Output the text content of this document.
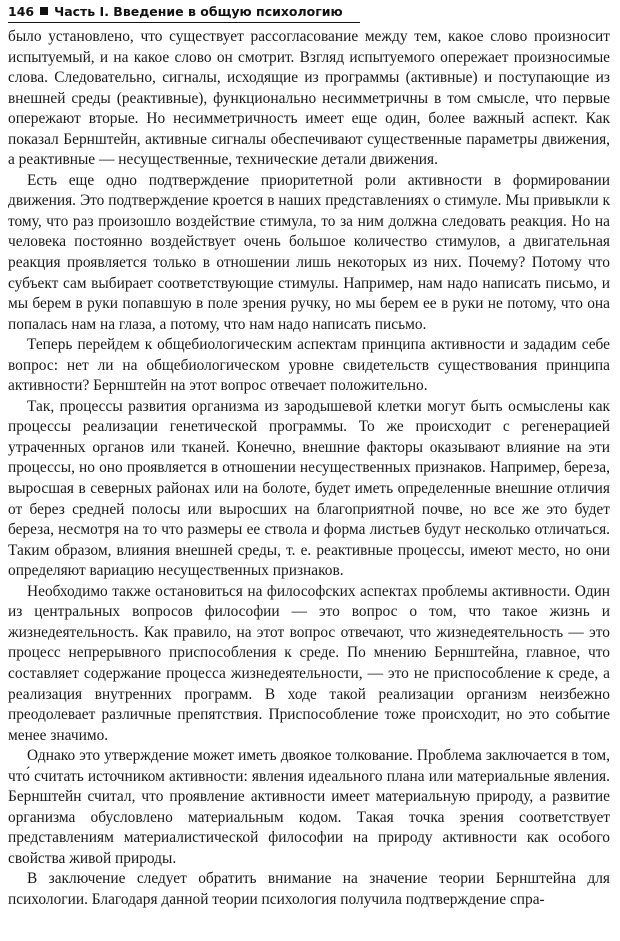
146 Часть I. Введение в общую психологию

было установлено, что существует рассогласование между тем, какое слово произносит испытуемый, и на какое слово он смотрит. Взгляд испытуемого опережает произносимые слова. Следовательно, сигналы, исходящие из программы (активные) и поступающие из внешней среды (реактивные), функционально несимметричны в том смысле, что первые опережают вторые. Но несимметричность имеет еще один, более важный аспект. Как показал Бернштейн, активные сигналы обеспечивают существенные параметры движения, а реактивные — несущественные, технические детали движения.

Есть еще одно подтверждение приоритетной роли активности в формировании движения. Это подтверждение кроется в наших представлениях о стимуле. Мы привыкли к тому, что раз произошло воздействие стимула, то за ним должна следовать реакция. Но на человека постоянно воздействует очень большое количество стимулов, а двигательная реакция проявляется только в отношении лишь некоторых из них. Почему? Потому что субъект сам выбирает соответствующие стимулы. Например, нам надо написать письмо, и мы берем в руки попавшую в поле зрения ручку, но мы берем ее в руки не потому, что она попалась нам на глаза, а потому, что нам надо написать письмо.

Теперь перейдем к общебиологическим аспектам принципа активности и зададим себе вопрос: нет ли на общебиологическом уровне свидетельств существования принципа активности? Бернштейн на этот вопрос отвечает положительно.

Так, процессы развития организма из зародышевой клетки могут быть осмыслены как процессы реализации генетической программы. То же происходит с регенерацией утраченных органов или тканей. Конечно, внешние факторы оказывают влияние на эти процессы, но оно проявляется в отношении несущественных признаков. Например, береза, выросшая в северных районах или на болоте, будет иметь определенные внешние отличия от берез средней полосы или выросших на благоприятной почве, но все же это будет береза, несмотря на то что размеры ее ствола и форма листьев будут несколько отличаться. Таким образом, влияния внешней среды, т. е. реактивные процессы, имеют место, но они определяют вариацию несущественных признаков.

Необходимо также остановиться на философских аспектах проблемы активности. Один из центральных вопросов философии — это вопрос о том, что такое жизнь и жизнедеятельность. Как правило, на этот вопрос отвечают, что жизнедеятельность — это процесс непрерывного приспособления к среде. По мнению Бернштейна, главное, что составляет содержание процесса жизнедеятельности, — это не приспособление к среде, а реализация внутренних программ. В ходе такой реализации организм неизбежно преодолевает различные препятствия. Приспособление тоже происходит, но это событие менее значимо.

Однако это утверждение может иметь двоякое толкование. Проблема заключается в том, что́ считать источником активности: явления идеального плана или материальные явления. Бернштейн считал, что проявление активности имеет материальную природу, а развитие организма обусловлено материальным кодом. Такая точка зрения соответствует представлениям материалистической философии на природу активности как особого свойства живой природы.

В заключение следует обратить внимание на значение теории Бернштейна для психологии. Благодаря данной теории психология получила подтверждение спра-
